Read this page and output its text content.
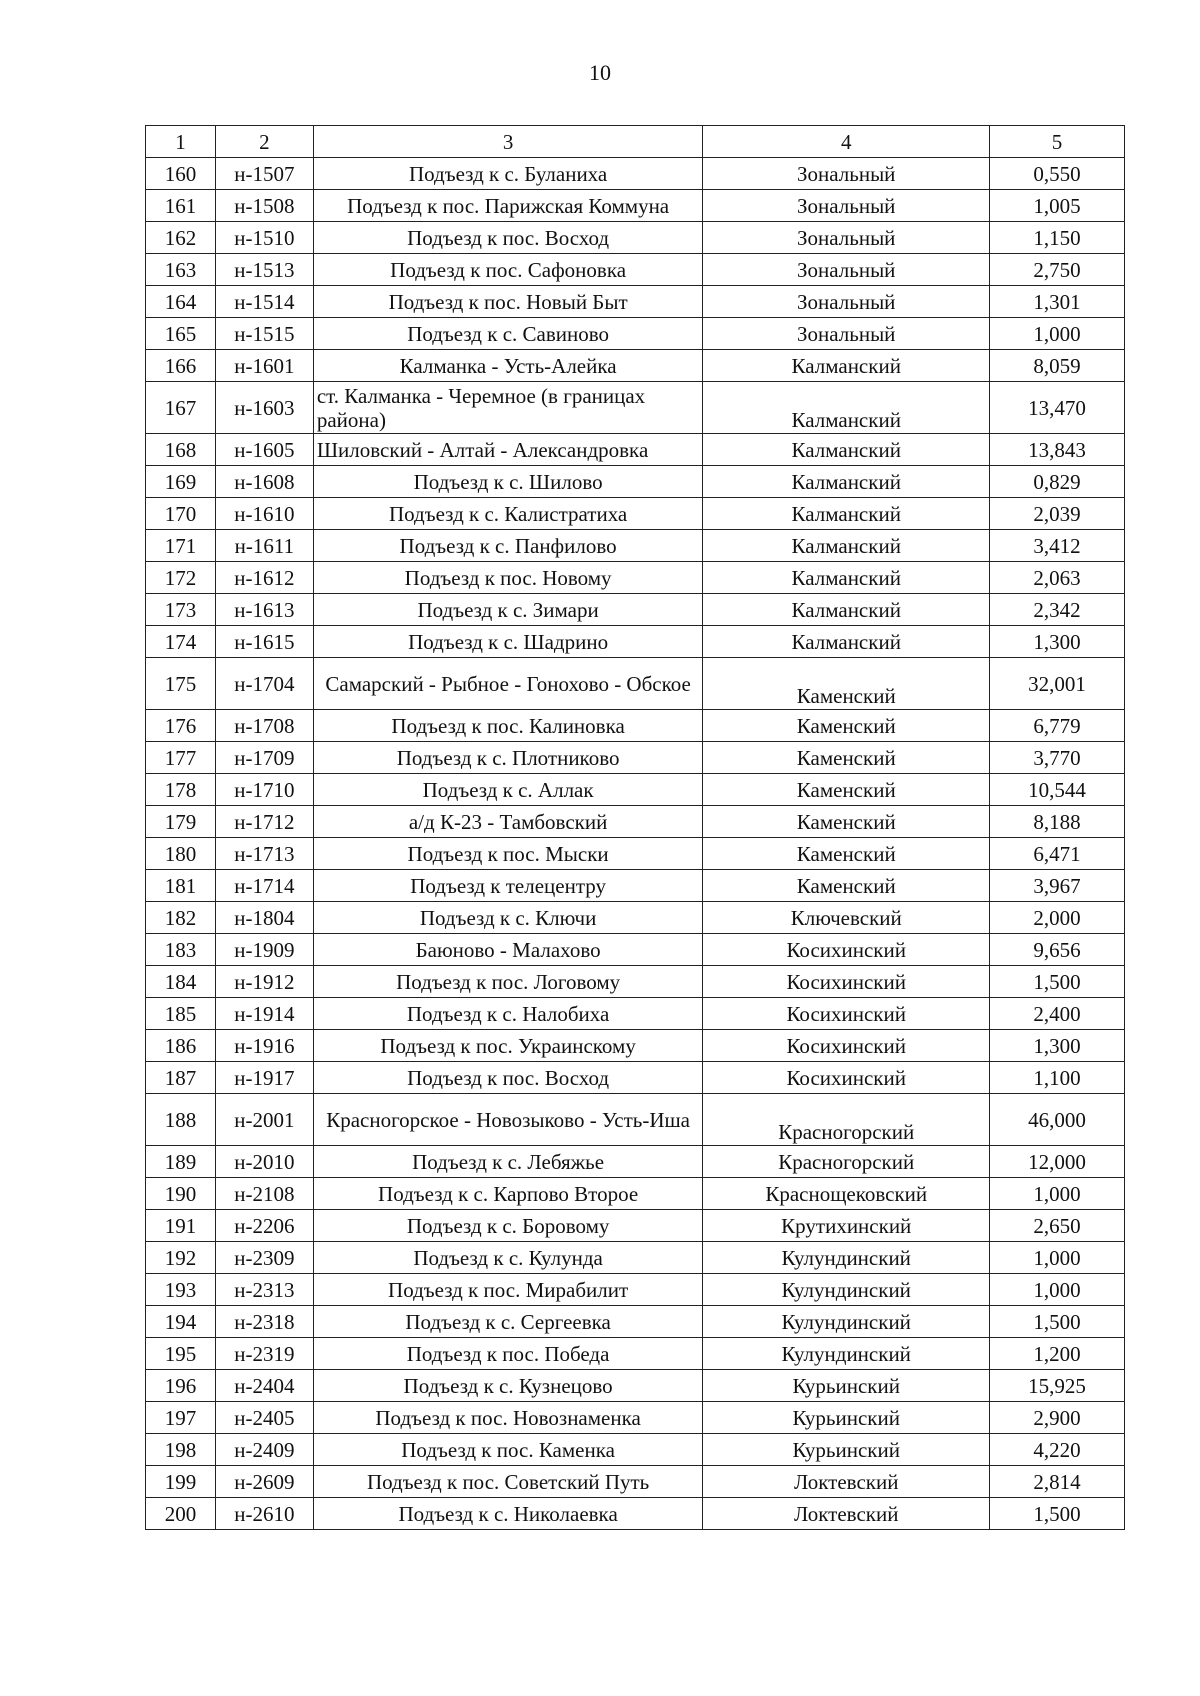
10
1	2	3	4	5
160	н-1507	Подъезд к с. Буланиха	Зональный	0,550
161	н-1508	Подъезд к пос. Парижская Коммуна	Зональный	1,005
162	н-1510	Подъезд к пос. Восход	Зональный	1,150
163	н-1513	Подъезд к пос. Сафоновка	Зональный	2,750
164	н-1514	Подъезд к пос. Новый Быт	Зональный	1,301
165	н-1515	Подъезд к с. Савиново	Зональный	1,000
166	н-1601	Калманка - Усть-Алейка	Калманский	8,059
167	н-1603	ст. Калманка - Черемное (в границах района)	Калманский	13,470
168	н-1605	Шиловский - Алтай - Александровка	Калманский	13,843
169	н-1608	Подъезд к с. Шилово	Калманский	0,829
170	н-1610	Подъезд к с. Калистратиха	Калманский	2,039
171	н-1611	Подъезд к с. Панфилово	Калманский	3,412
172	н-1612	Подъезд к пос. Новому	Калманский	2,063
173	н-1613	Подъезд к с. Зимари	Калманский	2,342
174	н-1615	Подъезд к с. Шадрино	Калманский	1,300
175	н-1704	Самарский - Рыбное - Гонохово - Обское	Каменский	32,001
176	н-1708	Подъезд к пос. Калиновка	Каменский	6,779
177	н-1709	Подъезд к с. Плотниково	Каменский	3,770
178	н-1710	Подъезд к с. Аллак	Каменский	10,544
179	н-1712	а/д К-23 - Тамбовский	Каменский	8,188
180	н-1713	Подъезд к пос. Мыски	Каменский	6,471
181	н-1714	Подъезд к телецентру	Каменский	3,967
182	н-1804	Подъезд к с. Ключи	Ключевский	2,000
183	н-1909	Баюново - Малахово	Косихинский	9,656
184	н-1912	Подъезд к пос. Логовому	Косихинский	1,500
185	н-1914	Подъезд к с. Налобиха	Косихинский	2,400
186	н-1916	Подъезд к пос. Украинскому	Косихинский	1,300
187	н-1917	Подъезд к пос. Восход	Косихинский	1,100
188	н-2001	Красногорское - Новозыково - Усть-Иша	Красногорский	46,000
189	н-2010	Подъезд к с. Лебяжье	Красногорский	12,000
190	н-2108	Подъезд к с. Карпово Второе	Краснощековский	1,000
191	н-2206	Подъезд к с. Боровому	Крутихинский	2,650
192	н-2309	Подъезд к с. Кулунда	Кулундинский	1,000
193	н-2313	Подъезд к пос. Мирабилит	Кулундинский	1,000
194	н-2318	Подъезд к с. Сергеевка	Кулундинский	1,500
195	н-2319	Подъезд к пос. Победа	Кулундинский	1,200
196	н-2404	Подъезд к с. Кузнецово	Курьинский	15,925
197	н-2405	Подъезд к пос. Новознаменка	Курьинский	2,900
198	н-2409	Подъезд к пос. Каменка	Курьинский	4,220
199	н-2609	Подъезд к пос. Советский Путь	Локтевский	2,814
200	н-2610	Подъезд к с. Николаевка	Локтевский	1,500
